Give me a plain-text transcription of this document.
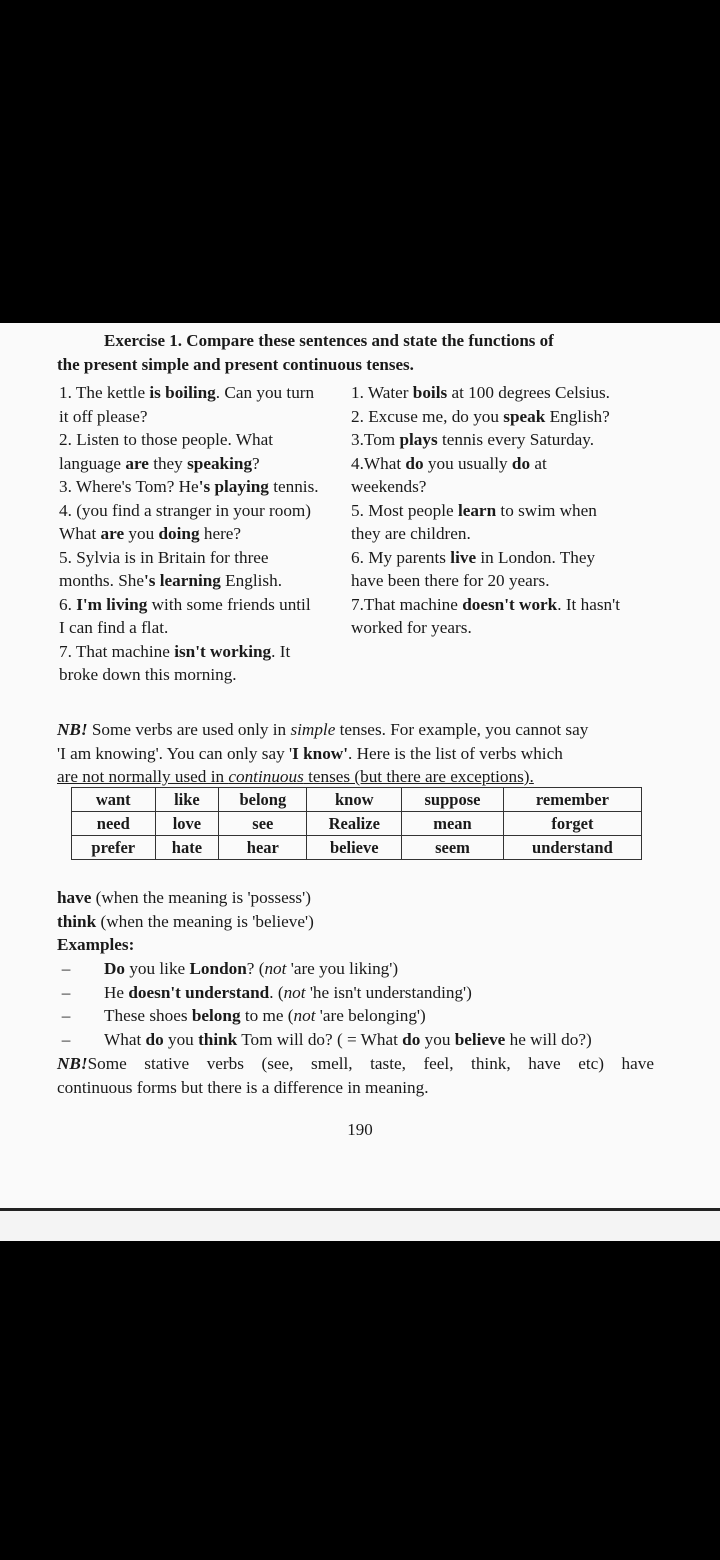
Exercise 1. Compare these sentences and state the functions of
the present simple and present continuous tenses.
1. The kettle is boiling. Can you turn
it off please?
2. Listen to those people. What
language are they speaking?
3. Where's Tom? He's playing tennis.
4. (you find a stranger in your room)
What are you doing here?
5. Sylvia is in Britain for three
months. She's learning English.
6. I'm living with some friends until
I can find a flat.
7. That machine isn't working. It
broke down this morning.
1. Water boils at 100 degrees Celsius.
2. Excuse me, do you speak English?
3.Tom plays tennis every Saturday.
4.What do you usually do at
weekends?
5. Most people learn to swim when
they are children.
6. My parents live in London. They
have been there for 20 years.
7.That machine doesn't work. It hasn't
worked for years.
NB! Some verbs are used only in simple tenses. For example, you cannot say
'I am knowing'. You can only say 'I know'. Here is the list of verbs which
are not normally used in continuous tenses (but there are exceptions).
want	like	belong	know	suppose	remember
need	love	see	Realize	mean	forget
prefer	hate	hear	believe	seem	understand
have (when the meaning is 'possess')
think (when the meaning is 'believe')
Examples:
– Do you like London? (not 'are you liking')
– He doesn't understand. (not 'he isn't understanding')
– These shoes belong to me (not 'are belonging')
– What do you think Tom will do? ( = What do you believe he will do?)
NB!Some stative verbs (see, smell, taste, feel, think, have etc) have
continuous forms but there is a difference in meaning.
190
